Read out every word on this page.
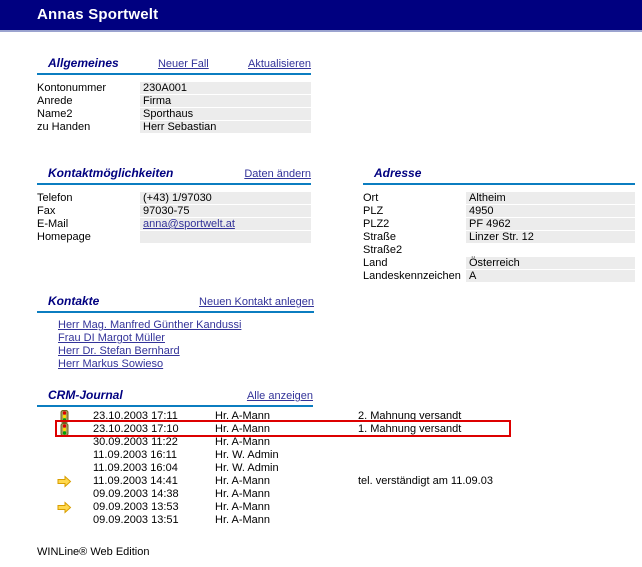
Annas Sportwelt
Allgemeines	Neuer Fall	Aktualisieren
Kontonummer	230A001
Anrede	Firma
Name2	Sporthaus
zu Handen	Herr Sebastian
Kontaktmöglichkeiten	Daten ändern
Telefon	(+43) 1/97030
Fax	97030-75
E-Mail	anna@sportwelt.at
Homepage
Adresse
Ort	Altheim
PLZ	4950
PLZ2	PF 4962
Straße	Linzer Str. 12
Straße2
Land	Österreich
Landeskennzeichen A
Kontakte	Neuen Kontakt anlegen
Herr Mag. Manfred Günther Kandussi
Frau DI Margot Müller
Herr Dr. Stefan Bernhard
Herr Markus Sowieso
CRM-Journal	Alle anzeigen
23.10.2003 17:11	Hr. A-Mann	2. Mahnung versandt
23.10.2003 17:10	Hr. A-Mann	1. Mahnung versandt
30.09.2003 11:22	Hr. A-Mann
11.09.2003 16:11	Hr. W. Admin
11.09.2003 16:04	Hr. W. Admin
11.09.2003 14:41	Hr. A-Mann	tel. verständigt am 11.09.03
09.09.2003 14:38	Hr. A-Mann
09.09.2003 13:53	Hr. A-Mann
09.09.2003 13:51	Hr. A-Mann
WINLine® Web Edition
